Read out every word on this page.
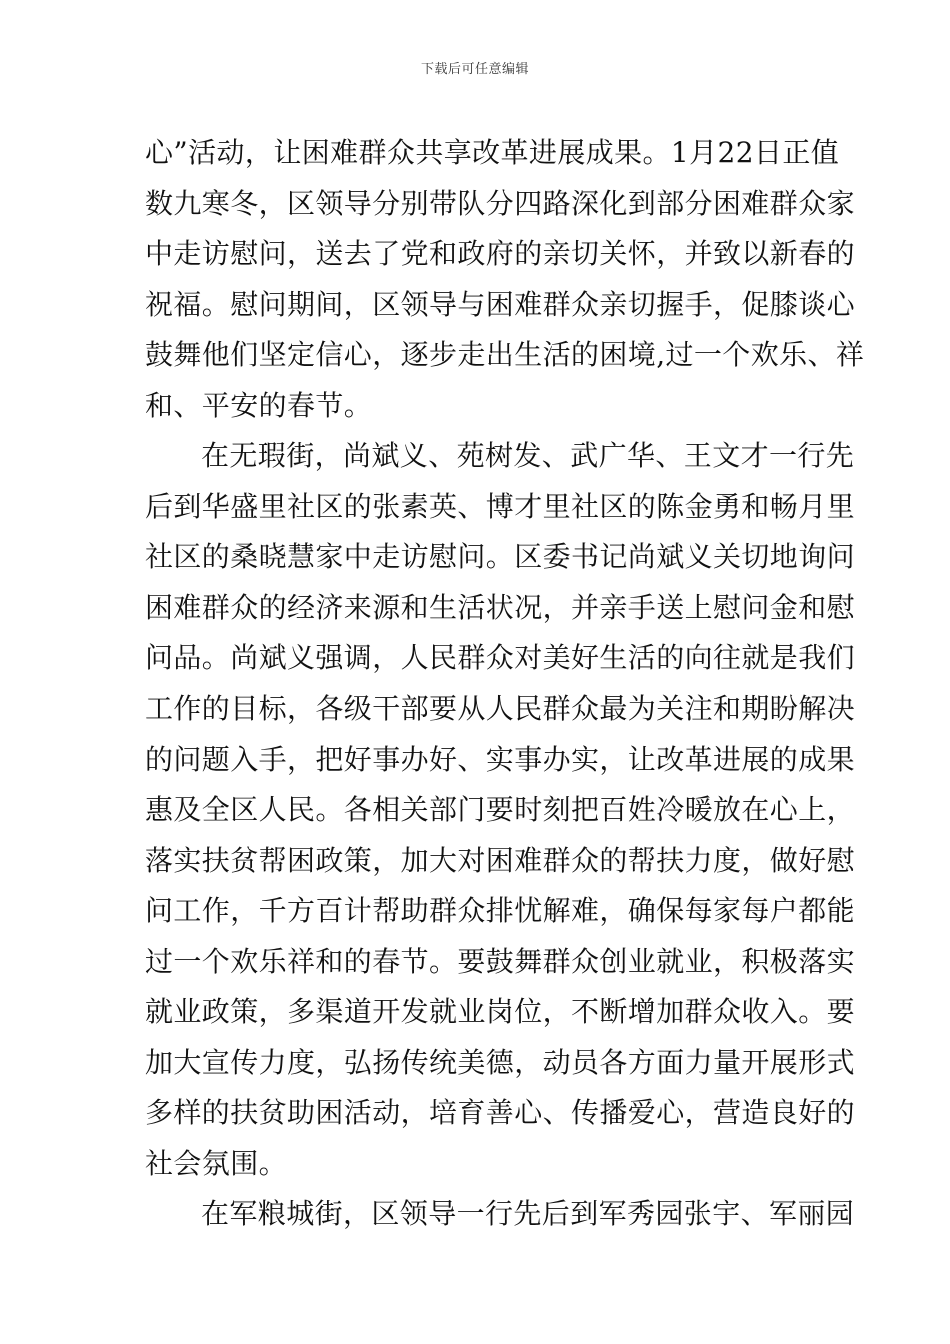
下载后可任意编辑
心”活动，让困难群众共享改革进展成果。1月22日正值
数九寒冬，区领导分别带队分四路深化到部分困难群众家
中走访慰问，送去了党和政府的亲切关怀，并致以新春的
祝福。慰问期间，区领导与困难群众亲切握手，促膝谈心
鼓舞他们坚定信心，逐步走出生活的困境,过一个欢乐、祥
和、平安的春节。
在无瑕街，尚斌义、苑树发、武广华、王文才一行先
后到华盛里社区的张素英、博才里社区的陈金勇和畅月里
社区的桑晓慧家中走访慰问。区委书记尚斌义关切地询问
困难群众的经济来源和生活状况，并亲手送上慰问金和慰
问品。尚斌义强调，人民群众对美好生活的向往就是我们
工作的目标，各级干部要从人民群众最为关注和期盼解决
的问题入手，把好事办好、实事办实，让改革进展的成果
惠及全区人民。各相关部门要时刻把百姓冷暖放在心上，
落实扶贫帮困政策，加大对困难群众的帮扶力度，做好慰
问工作，千方百计帮助群众排忧解难，确保每家每户都能
过一个欢乐祥和的春节。要鼓舞群众创业就业，积极落实
就业政策，多渠道开发就业岗位，不断增加群众收入。要
加大宣传力度，弘扬传统美德，动员各方面力量开展形式
多样的扶贫助困活动，培育善心、传播爱心，营造良好的
社会氛围。
在军粮城街，区领导一行先后到军秀园张宇、军丽园
